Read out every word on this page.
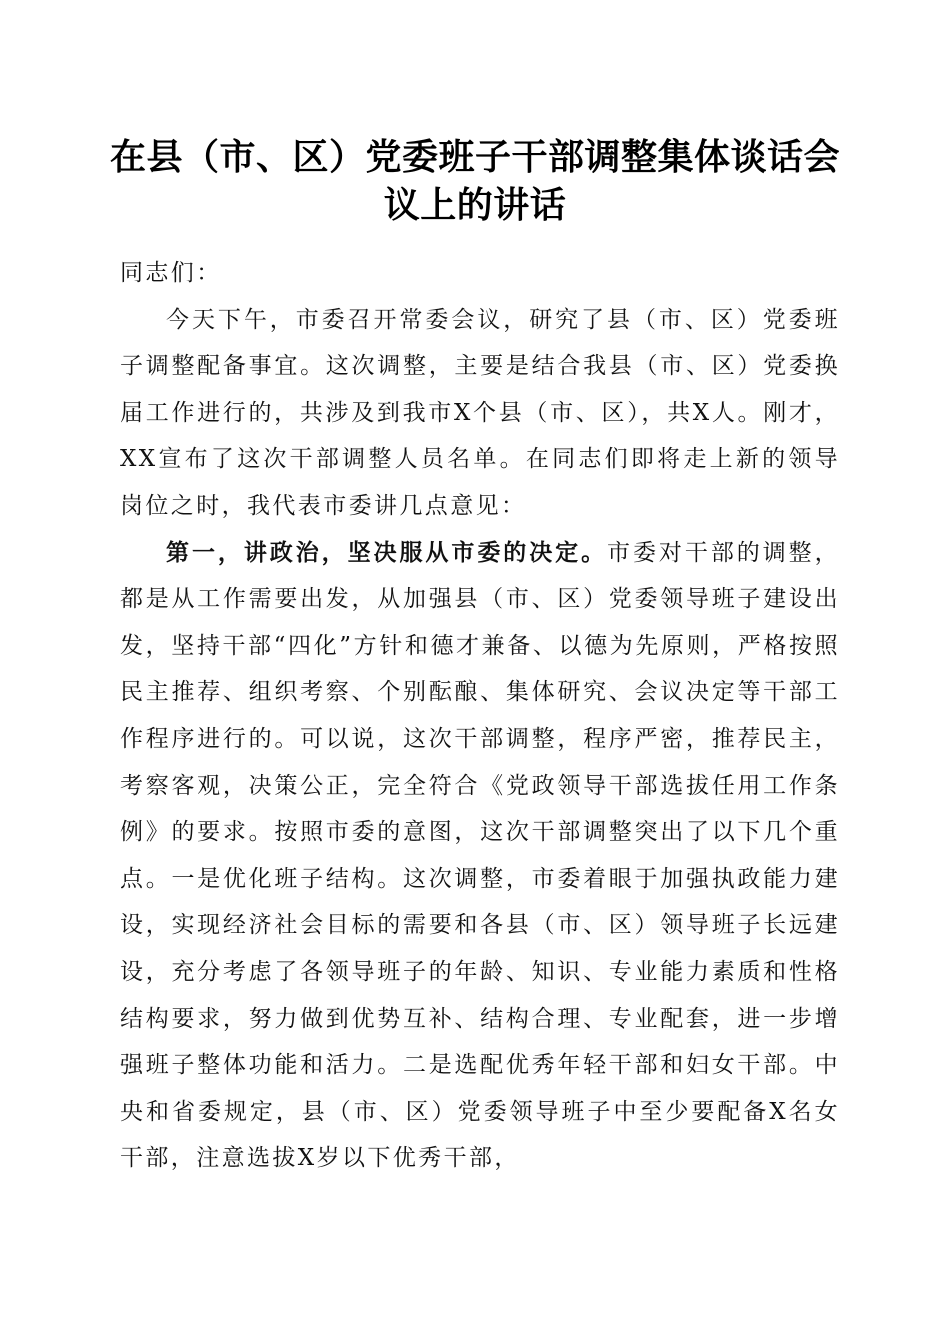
在县（市、区）党委班子干部调整集体谈话会
议上的讲话

同志们：

今天下午，市委召开常委会议，研究了县（市、区）党委班子调整配备事宜。这次调整，主要是结合我县（市、区）党委换届工作进行的，共涉及到我市X个县（市、区），共X人。刚才，XX宣布了这次干部调整人员名单。在同志们即将走上新的领导岗位之时，我代表市委讲几点意见：

第一，讲政治，坚决服从市委的决定。市委对干部的调整，都是从工作需要出发，从加强县（市、区）党委领导班子建设出发，坚持干部“四化”方针和德才兼备、以德为先原则，严格按照民主推荐、组织考察、个别酝酿、集体研究、会议决定等干部工作程序进行的。可以说，这次干部调整，程序严密，推荐民主，考察客观，决策公正，完全符合《党政领导干部选拔任用工作条例》的要求。按照市委的意图，这次干部调整突出了以下几个重点。一是优化班子结构。这次调整，市委着眼于加强执政能力建设，实现经济社会目标的需要和各县（市、区）领导班子长远建设，充分考虑了各领导班子的年龄、知识、专业能力素质和性格结构要求，努力做到优势互补、结构合理、专业配套，进一步增强班子整体功能和活力。二是选配优秀年轻干部和妇女干部。中央和省委规定，县（市、区）党委领导班子中至少要配备X名女干部，注意选拔X岁以下优秀干部，
